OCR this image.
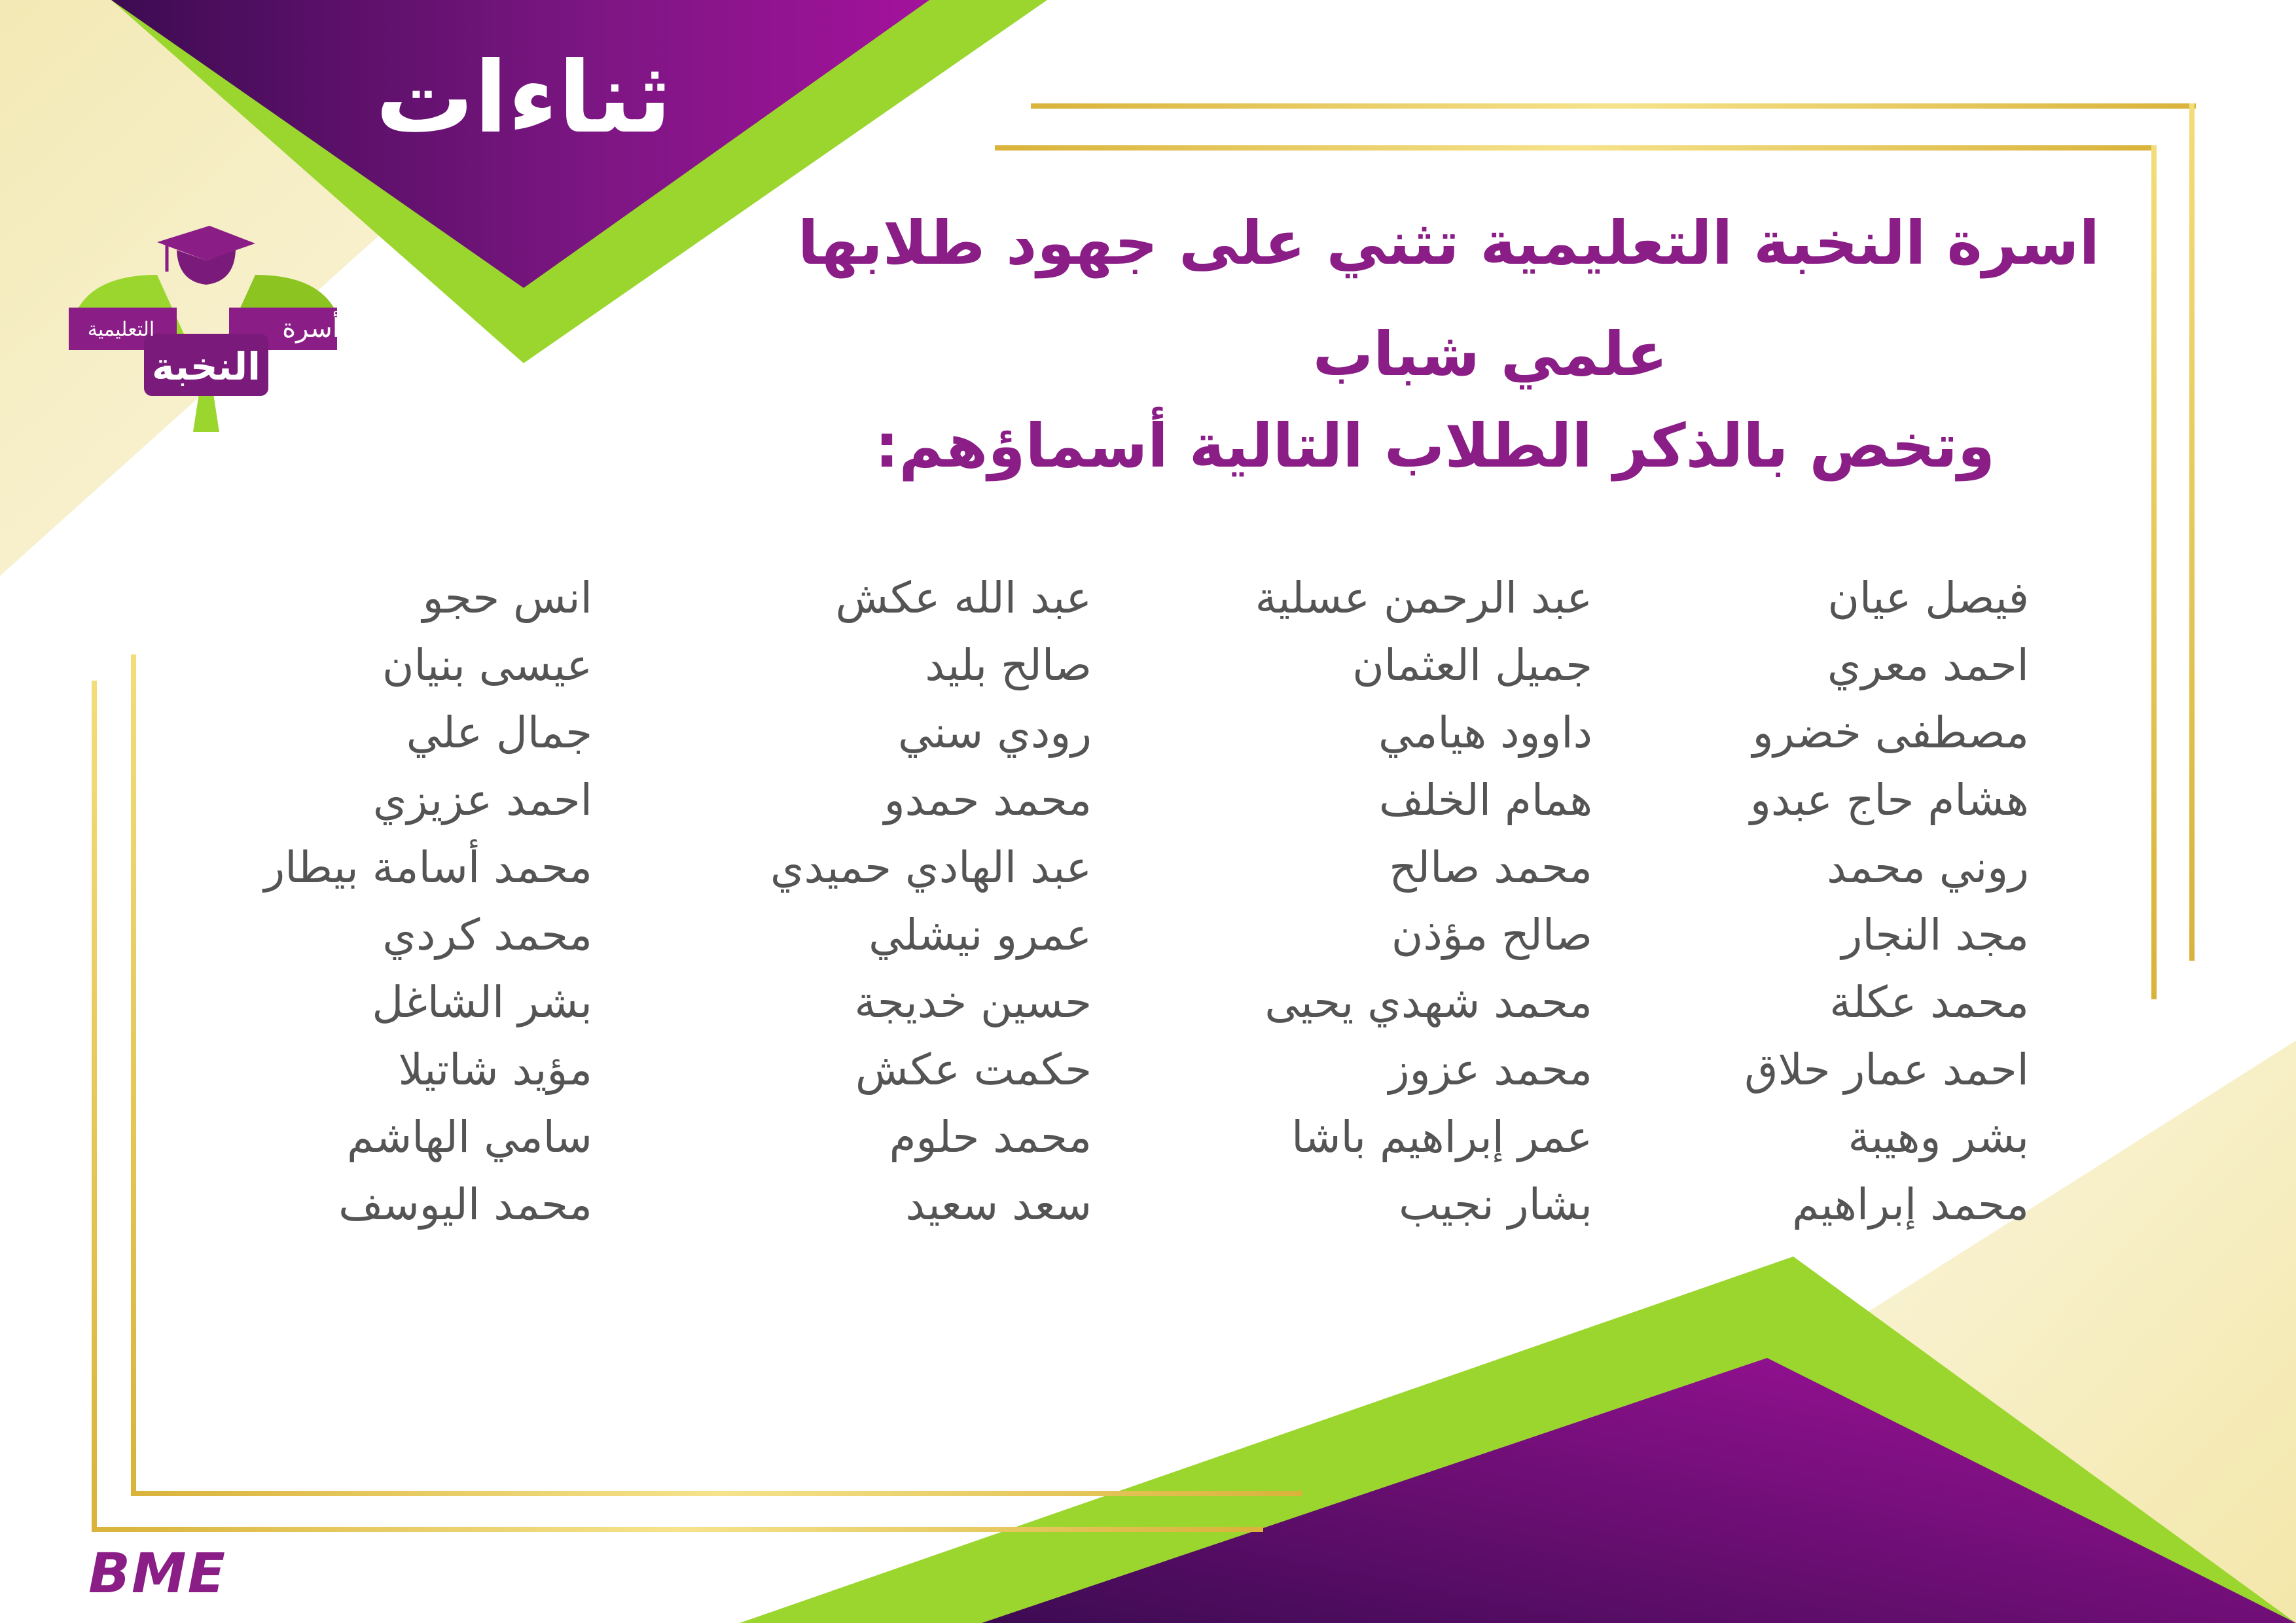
أسرة
التعليمية
النخبة
ثناءات
اسرة النخبة التعليمية تثني على جهود طلابها
علمي شباب
وتخص بالذكر الطلاب التالية أسماؤهم:
فيصل عيان
احمد معري
مصطفى خضرو
هشام حاج عبدو
روني محمد
مجد النجار
محمد عكلة
احمد عمار حلاق
بشر وهيبة
محمد إبراهيم
عبد الرحمن عسلية
جميل العثمان
داوود هيامي
همام الخلف
محمد صالح
صالح مؤذن
محمد شهدي يحيى
محمد عزوز
عمر إبراهيم باشا
بشار نجيب
عبد الله عكش
صالح بليد
رودي سني
محمد حمدو
عبد الهادي حميدي
عمرو نيشلي
حسين خديجة
حكمت عكش
محمد حلوم
سعد سعيد
انس حجو
عيسى بنيان
جمال علي
احمد عزيزي
محمد أسامة بيطار
محمد كردي
بشر الشاغل
مؤيد شاتيلا
سامي الهاشم
محمد اليوسف
BME
